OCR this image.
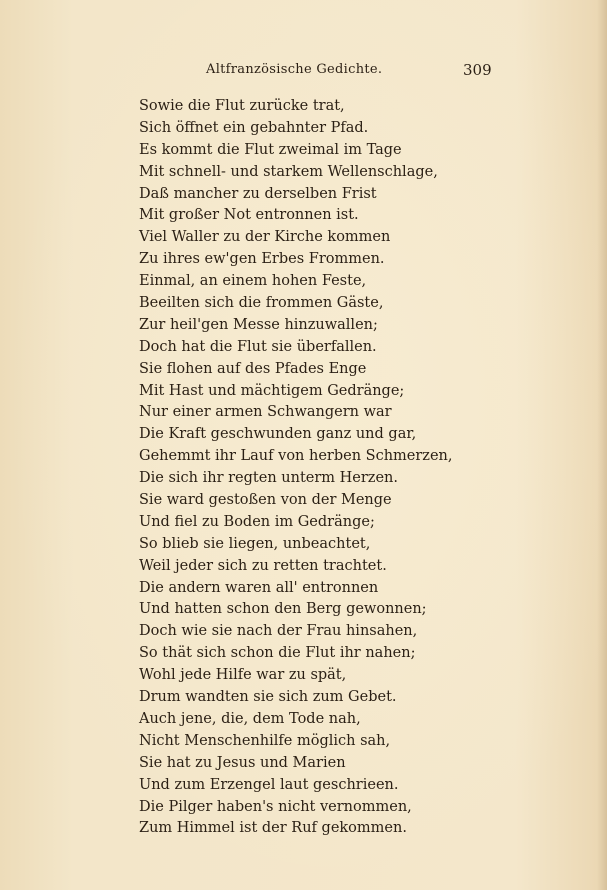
Altfranzösische Gedichte.	309
Sowie die Flut zurücke trat,
Sich öffnet ein gebahnter Pfad.
Es kommt die Flut zweimal im Tage
Mit schnell- und starkem Wellenschlage,
Daß mancher zu derselben Frist
Mit großer Not entronnen ist.
Viel Waller zu der Kirche kommen
Zu ihres ew'gen Erbes Frommen.
Einmal, an einem hohen Feste,
Beeilten sich die frommen Gäste,
Zur heil'gen Messe hinzuwallen;
Doch hat die Flut sie überfallen.
Sie flohen auf des Pfades Enge
Mit Hast und mächtigem Gedränge;
Nur einer armen Schwangern war
Die Kraft geschwunden ganz und gar,
Gehemmt ihr Lauf von herben Schmerzen,
Die sich ihr regten unterm Herzen.
Sie ward gestoßen von der Menge
Und fiel zu Boden im Gedränge;
So blieb sie liegen, unbeachtet,
Weil jeder sich zu retten trachtet.
Die andern waren all' entronnen
Und hatten schon den Berg gewonnen;
Doch wie sie nach der Frau hinsahen,
So thät sich schon die Flut ihr nahen;
Wohl jede Hilfe war zu spät,
Drum wandten sie sich zum Gebet.
Auch jene, die, dem Tode nah,
Nicht Menschenhilfe möglich sah,
Sie hat zu Jesus und Marien
Und zum Erzengel laut geschrieen.
Die Pilger haben's nicht vernommen,
Zum Himmel ist der Ruf gekommen.
